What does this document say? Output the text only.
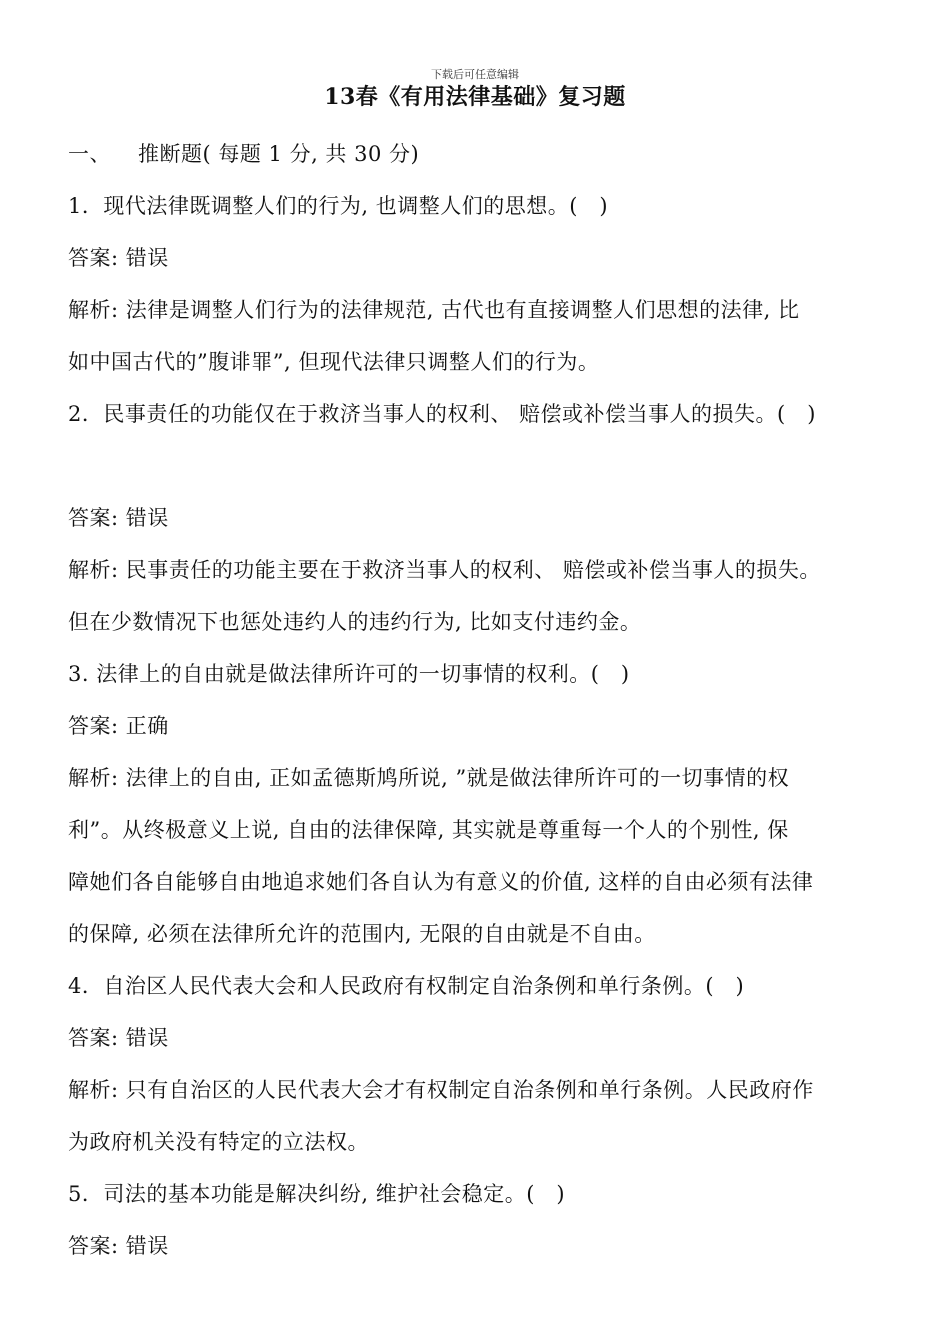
下载后可任意编辑
13春《有用法律基础》复习题
一、 推断题( 每题 1 分, 共 30 分)
1．现代法律既调整人们的行为, 也调整人们的思想。(　)
答案: 错误
解析: 法律是调整人们行为的法律规范, 古代也有直接调整人们思想的法律, 比
如中国古代的”腹诽罪”, 但现代法律只调整人们的行为。
2．民事责任的功能仅在于救济当事人的权利、 赔偿或补偿当事人的损失。(　)
答案: 错误
解析: 民事责任的功能主要在于救济当事人的权利、 赔偿或补偿当事人的损失。
但在少数情况下也惩处违约人的违约行为, 比如支付违约金。
3. 法律上的自由就是做法律所许可的一切事情的权利。(　)
答案: 正确
解析: 法律上的自由, 正如孟德斯鸠所说, ”就是做法律所许可的一切事情的权
利”。从终极意义上说, 自由的法律保障, 其实就是尊重每一个人的个别性, 保
障她们各自能够自由地追求她们各自认为有意义的价值, 这样的自由必须有法律
的保障, 必须在法律所允许的范围内, 无限的自由就是不自由。
4．自治区人民代表大会和人民政府有权制定自治条例和单行条例。(　)
答案: 错误
解析: 只有自治区的人民代表大会才有权制定自治条例和单行条例。人民政府作
为政府机关没有特定的立法权。
5．司法的基本功能是解决纠纷, 维护社会稳定。(　)
答案: 错误
